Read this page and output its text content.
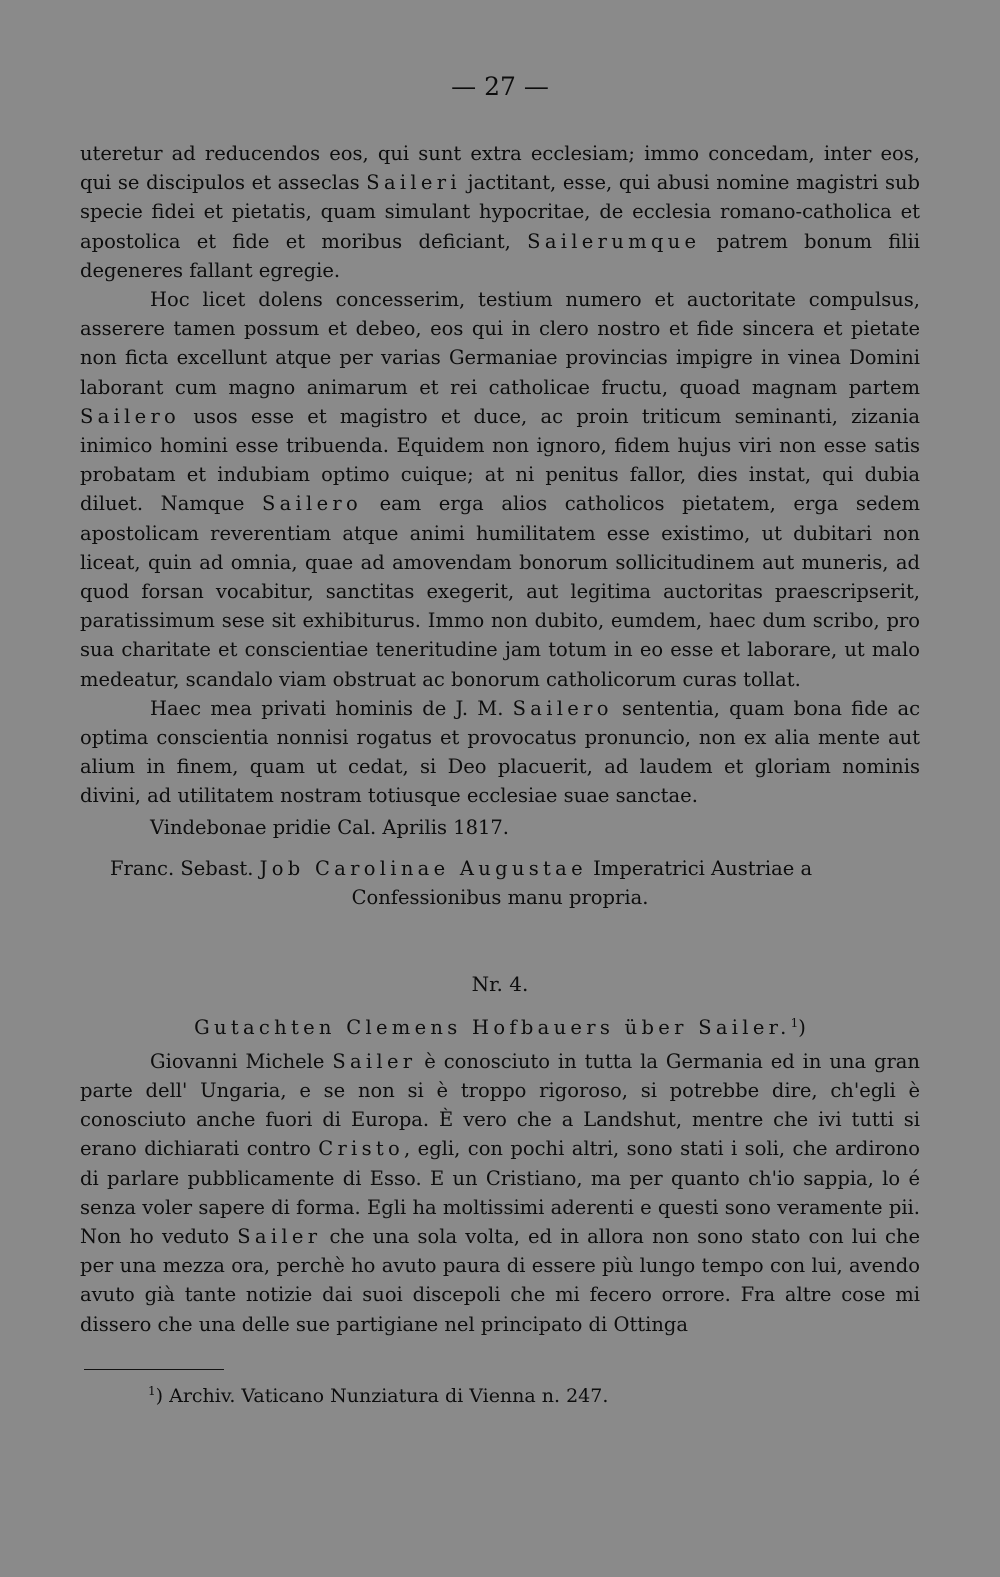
— 27 —

uteretur ad reducendos eos, qui sunt extra ecclesiam; immo concedam, inter eos, qui se discipulos et asseclas Saileri jactitant, esse, qui abusi nomine magistri sub specie fidei et pietatis, quam simulant hypocritae, de ecclesia romano-catholica et apostolica et fide et moribus deficiant, Sailerumque patrem bonum filii degeneres fallant egregie.

Hoc licet dolens concesserim, testium numero et auctoritate compulsus, asserere tamen possum et debeo, eos qui in clero nostro et fide sincera et pietate non ficta excellunt atque per varias Germaniae provincias impigre in vinea Domini laborant cum magno animarum et rei catholicae fructu, quoad magnam partem Sailero usos esse et magistro et duce, ac proin triticum seminanti, zizania inimico homini esse tribuenda. Equidem non ignoro, fidem hujus viri non esse satis probatam et indubiam optimo cuique; at ni penitus fallor, dies instat, qui dubia diluet. Namque Sailero eam erga alios catholicos pietatem, erga sedem apostolicam reverentiam atque animi humilitatem esse existimo, ut dubitari non liceat, quin ad omnia, quae ad amovendam bonorum sollicitudinem aut muneris, ad quod forsan vocabitur, sanctitas exegerit, aut legitima auctoritas praescripserit, paratissimum sese sit exhibiturus. Immo non dubito, eumdem, haec dum scribo, pro sua charitate et conscientiae teneritudine jam totum in eo esse et laborare, ut malo medeatur, scandalo viam obstruat ac bonorum catholicorum curas tollat.

Haec mea privati hominis de J. M. Sailero sententia, quam bona fide ac optima conscientia nonnisi rogatus et provocatus pronuncio, non ex alia mente aut alium in finem, quam ut cedat, si Deo placuerit, ad laudem et gloriam nominis divini, ad utilitatem nostram totiusque ecclesiae suae sanctae.

Vindebonae pridie Cal. Aprilis 1817.

Franc. Sebast. Job Carolinae Augustae Imperatrici Austriae a

Confessionibus manu propria.

Nr. 4.

Gutachten Clemens Hofbauers über Sailer.$^1$)

Giovanni Michele Sailer è conosciuto in tutta la Germania ed in una gran parte dell' Ungaria, e se non si è troppo rigoroso, si potrebbe dire, ch'egli è conosciuto anche fuori di Europa. È vero che a Landshut, mentre che ivi tutti si erano dichiarati contro Cristo, egli, con pochi altri, sono stati i soli, che ardirono di parlare pubblicamente di Esso. E un Cristiano, ma per quanto ch'io sappia, lo é senza voler sapere di forma. Egli ha moltissimi aderenti e questi sono veramente pii. Non ho veduto Sailer che una sola volta, ed in allora non sono stato con lui che per una mezza ora, perchè ho avuto paura di essere più lungo tempo con lui, avendo avuto già tante notizie dai suoi discepoli che mi fecero orrore. Fra altre cose mi dissero che una delle sue partigiane nel principato di Ottinga

$^1$) Archiv. Vaticano Nunziatura di Vienna n. 247.
